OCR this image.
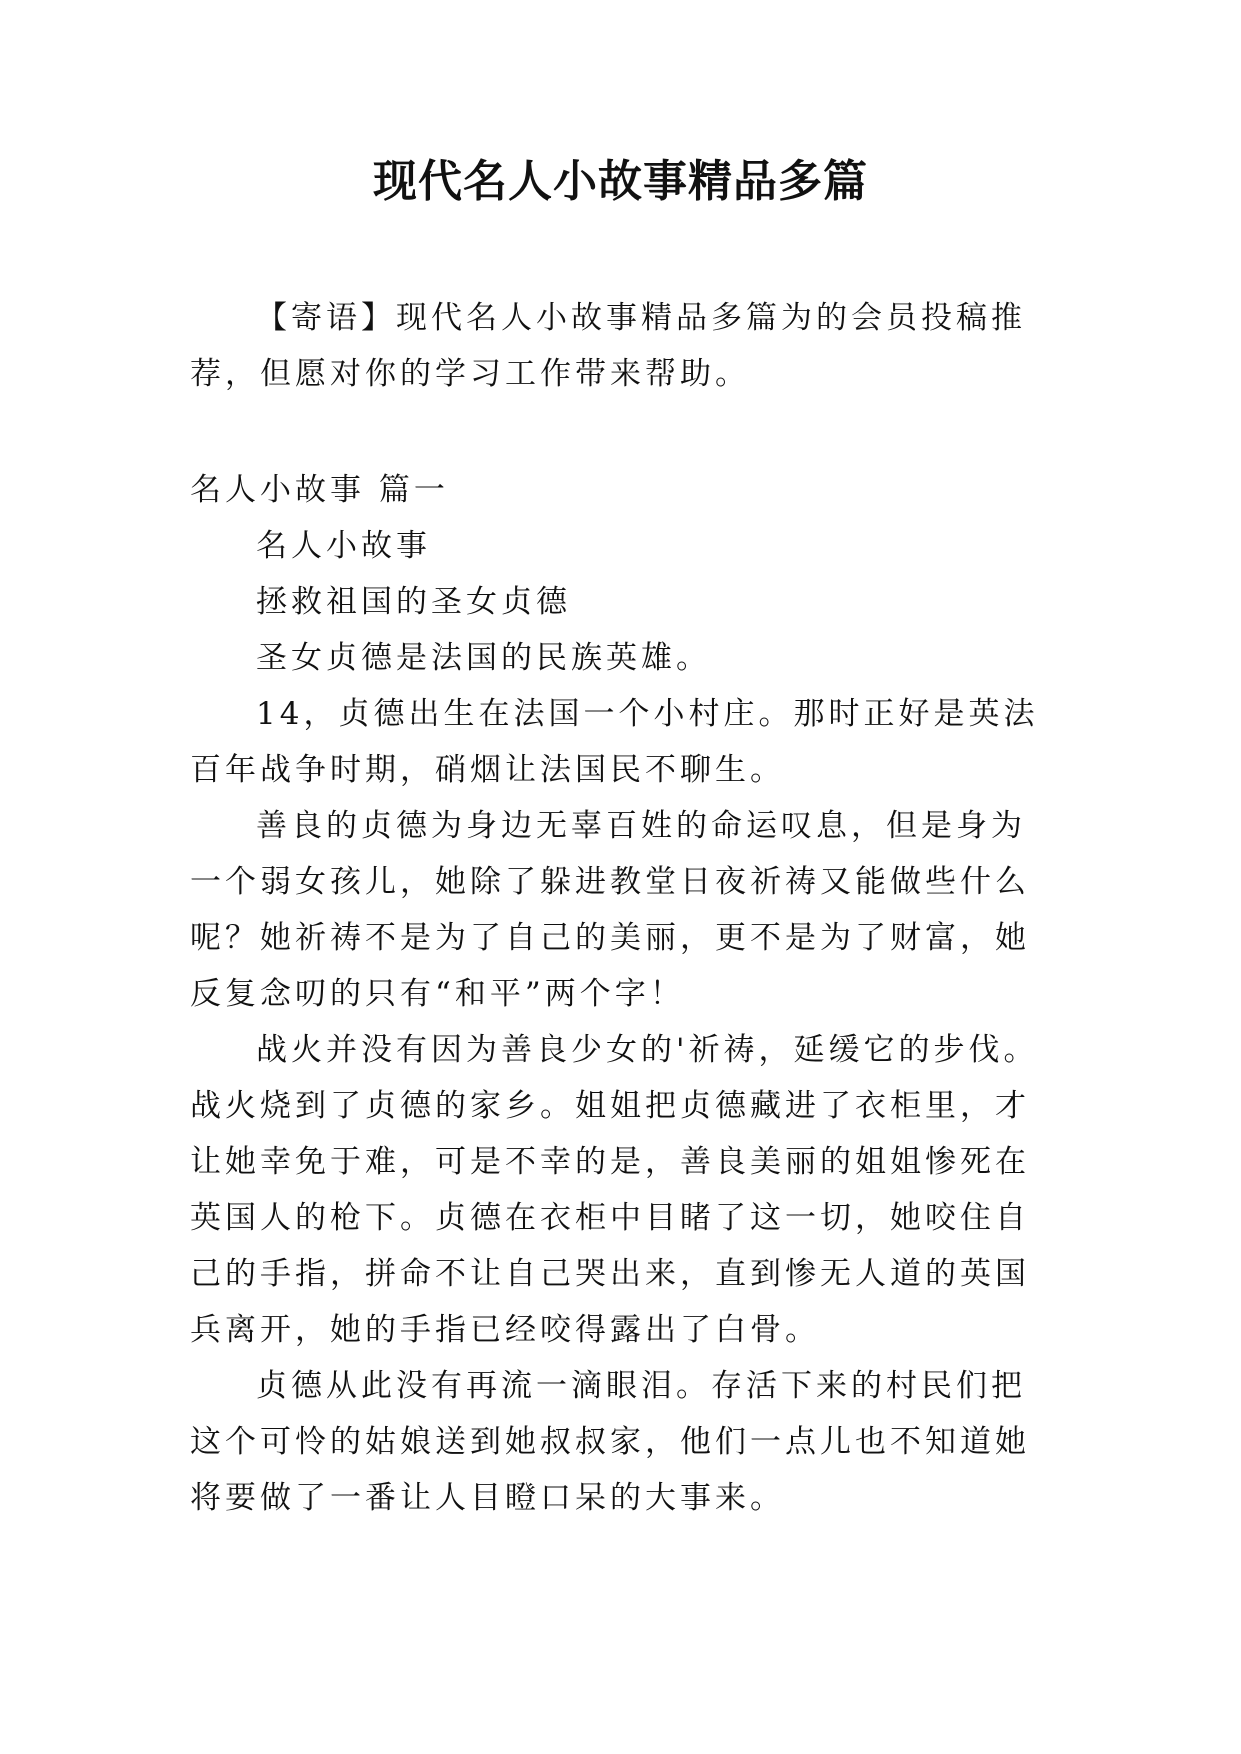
现代名人小故事精品多篇

【寄语】现代名人小故事精品多篇为的会员投稿推荐，但愿对你的学习工作带来帮助。

名人小故事 篇一

名人小故事

拯救祖国的圣女贞德

圣女贞德是法国的民族英雄。

14，贞德出生在法国一个小村庄。那时正好是英法百年战争时期，硝烟让法国民不聊生。

善良的贞德为身边无辜百姓的命运叹息，但是身为一个弱女孩儿，她除了躲进教堂日夜祈祷又能做些什么呢？她祈祷不是为了自己的美丽，更不是为了财富，她反复念叨的只有“和平”两个字！

战火并没有因为善良少女的'祈祷，延缓它的步伐。战火烧到了贞德的家乡。姐姐把贞德藏进了衣柜里，才让她幸免于难，可是不幸的是，善良美丽的姐姐惨死在英国人的枪下。贞德在衣柜中目睹了这一切，她咬住自己的手指，拼命不让自己哭出来，直到惨无人道的英国兵离开，她的手指已经咬得露出了白骨。

贞德从此没有再流一滴眼泪。存活下来的村民们把这个可怜的姑娘送到她叔叔家，他们一点儿也不知道她将要做了一番让人目瞪口呆的大事来。
